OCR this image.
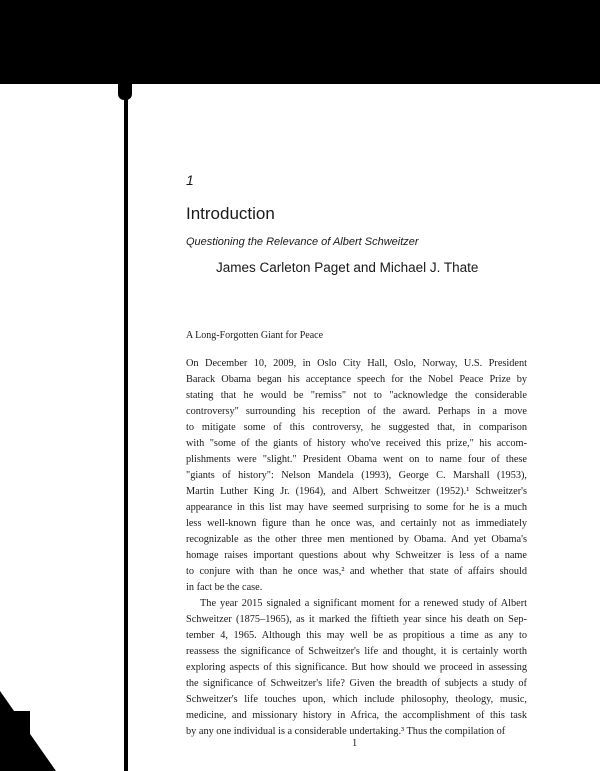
1
Introduction
Questioning the Relevance of Albert Schweitzer
James Carleton Paget and Michael J. Thate
A Long-Forgotten Giant for Peace

On December 10, 2009, in Oslo City Hall, Oslo, Norway, U.S. President
Barack Obama began his acceptance speech for the Nobel Peace Prize by
stating that he would be "remiss" not to "acknowledge the considerable
controversy" surrounding his reception of the award. Perhaps in a move
to mitigate some of this controversy, he suggested that, in comparison
with "some of the giants of history who've received this prize," his accom-
plishments were "slight." President Obama went on to name four of these
"giants of history": Nelson Mandela (1993), George C. Marshall (1953),
Martin Luther King Jr. (1964), and Albert Schweitzer (1952).¹ Schweitzer's
appearance in this list may have seemed surprising to some for he is a much
less well-known figure than he once was, and certainly not as immediately
recognizable as the other three men mentioned by Obama. And yet Obama's
homage raises important questions about why Schweitzer is less of a name
to conjure with than he once was,² and whether that state of affairs should
in fact be the case.

The year 2015 signaled a significant moment for a renewed study of Albert
Schweitzer (1875–1965), as it marked the fiftieth year since his death on Sep-
tember 4, 1965. Although this may well be as propitious a time as any to
reassess the significance of Schweitzer's life and thought, it is certainly worth
exploring aspects of this significance. But how should we proceed in assessing
the significance of Schweitzer's life? Given the breadth of subjects a study of
Schweitzer's life touches upon, which include philosophy, theology, music,
medicine, and missionary history in Africa, the accomplishment of this task
by any one individual is a considerable undertaking.³ Thus the compilation of

1
